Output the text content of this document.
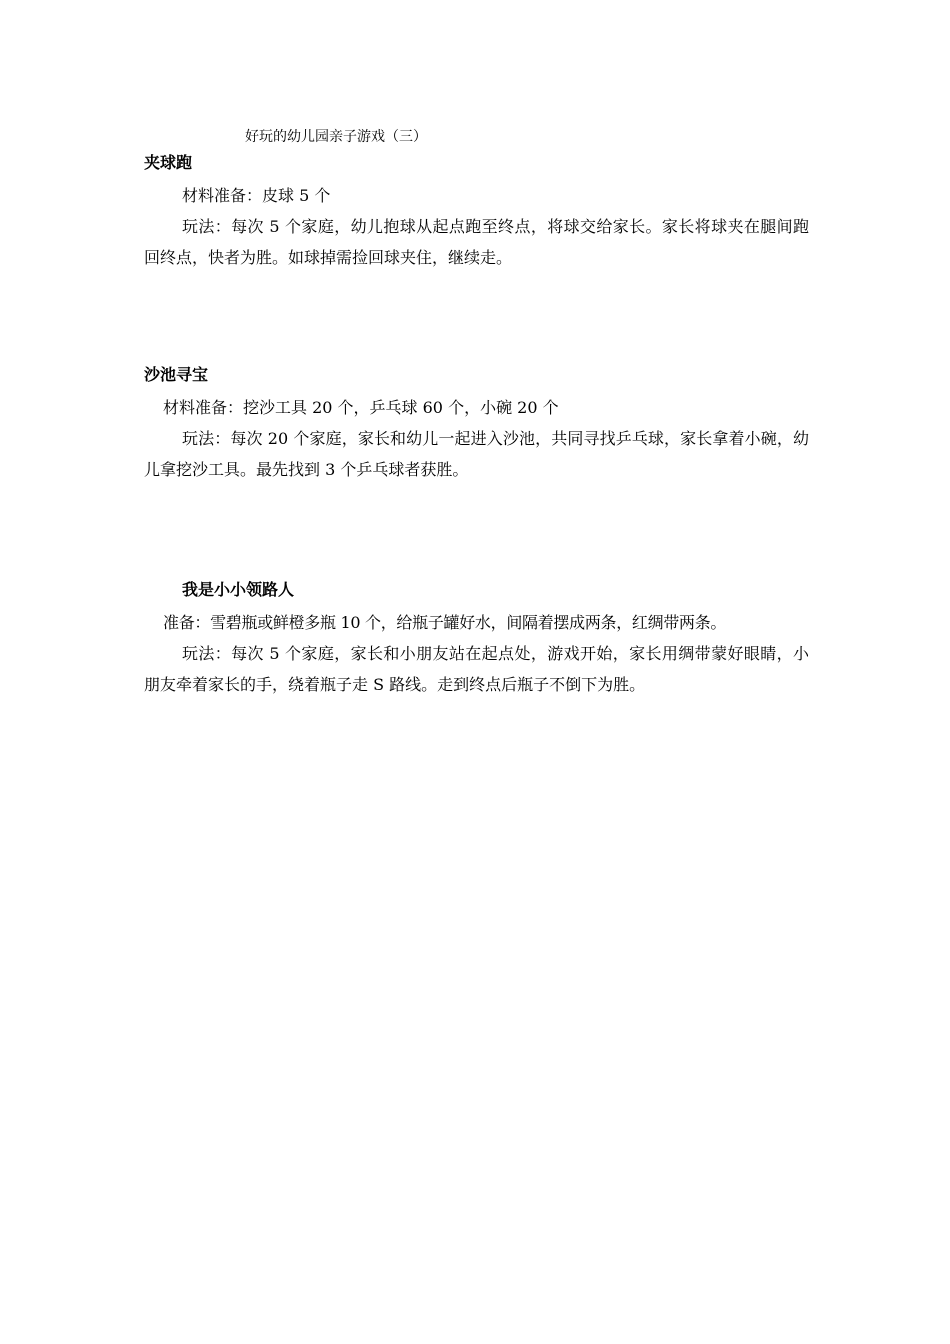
好玩的幼儿园亲子游戏（三）

夹球跑

材料准备：皮球 5 个

玩法：每次 5 个家庭，幼儿抱球从起点跑至终点，将球交给家长。家长将球夹在腿间跑回终点，快者为胜。如球掉需捡回球夹住，继续走。

沙池寻宝

材料准备：挖沙工具 20 个，乒乓球 60 个，小碗 20 个

玩法：每次 20 个家庭，家长和幼儿一起进入沙池，共同寻找乒乓球，家长拿着小碗，幼儿拿挖沙工具。最先找到 3 个乒乓球者获胜。

我是小小领路人

准备：雪碧瓶或鲜橙多瓶 10 个，给瓶子罐好水，间隔着摆成两条，红绸带两条。

玩法：每次 5 个家庭，家长和小朋友站在起点处，游戏开始，家长用绸带蒙好眼睛，小朋友牵着家长的手，绕着瓶子走 S 路线。走到终点后瓶子不倒下为胜。
